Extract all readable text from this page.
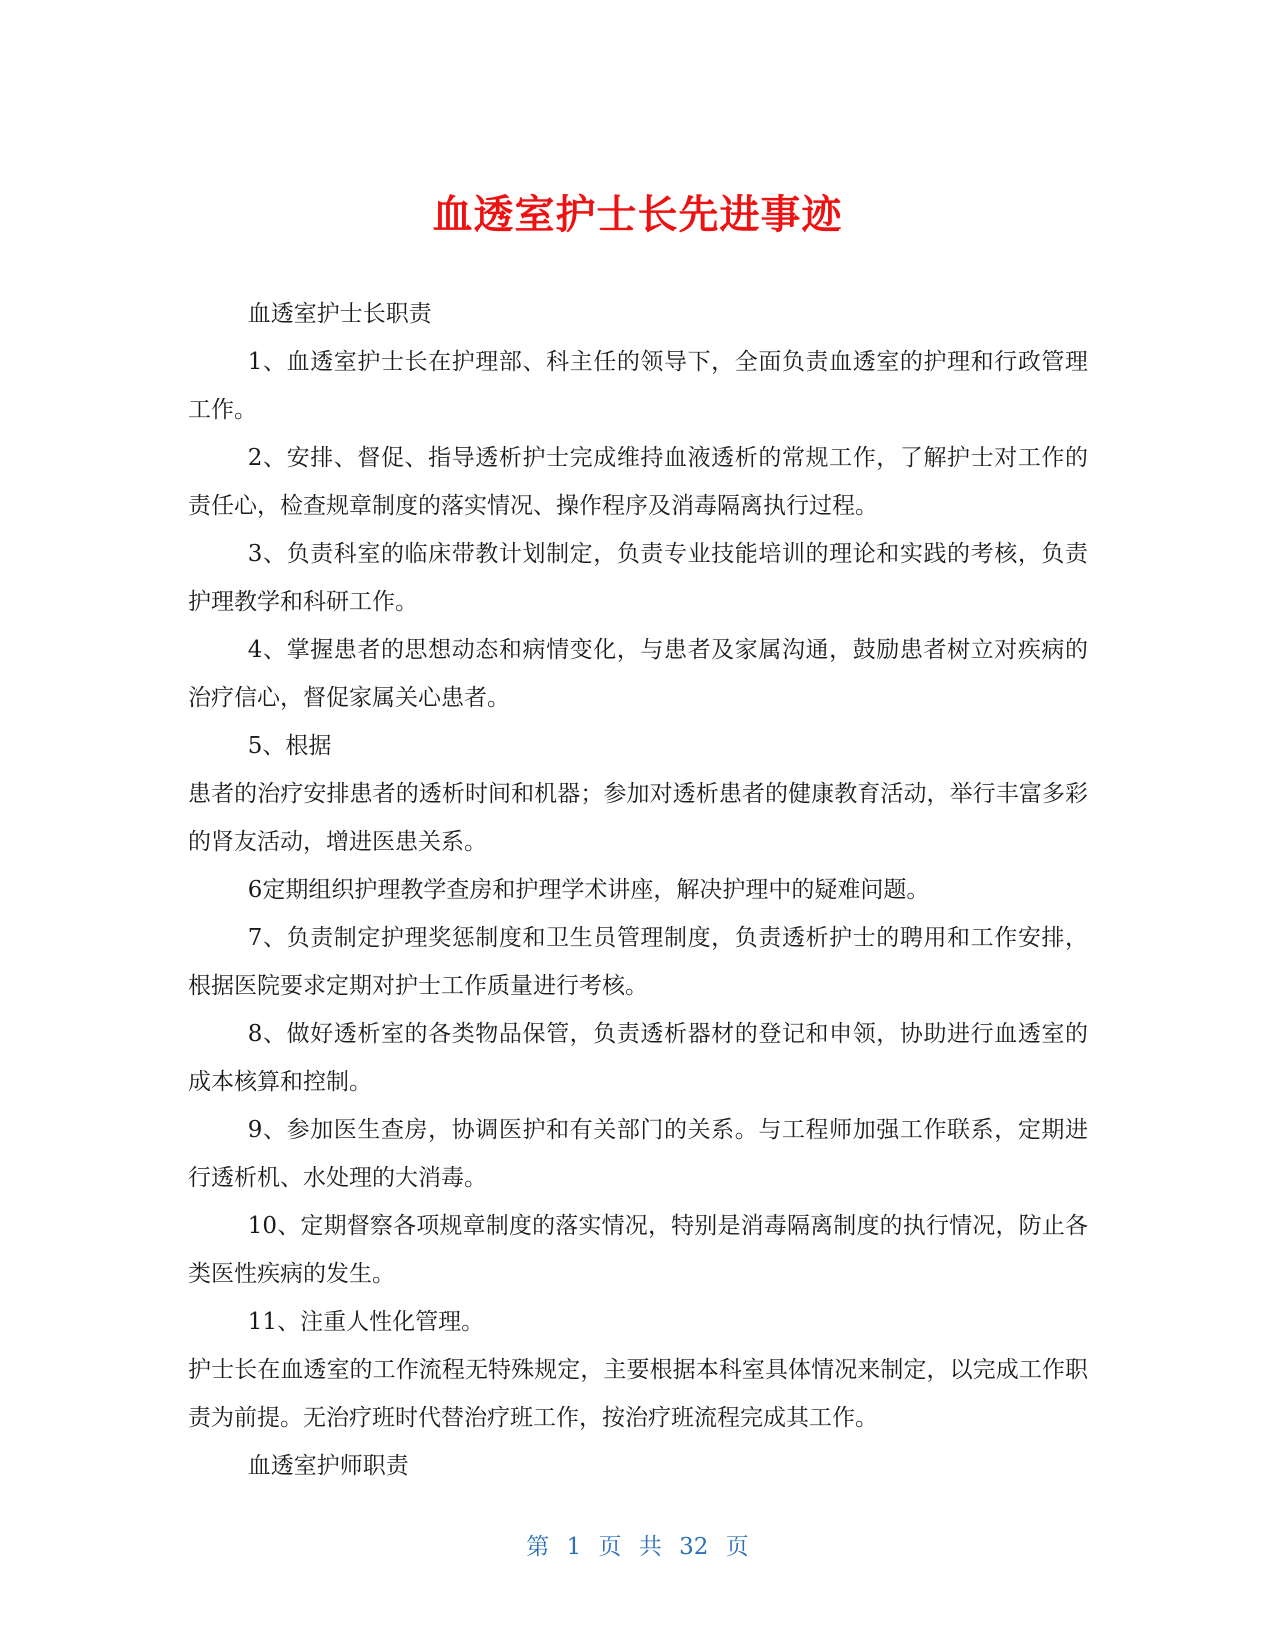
血透室护士长先进事迹

血透室护士长职责

1、血透室护士长在护理部、科主任的领导下，全面负责血透室的护理和行政管理工作。

2、安排、督促、指导透析护士完成维持血液透析的常规工作，了解护士对工作的责任心，检查规章制度的落实情况、操作程序及消毒隔离执行过程。

3、负责科室的临床带教计划制定，负责专业技能培训的理论和实践的考核，负责护理教学和科研工作。

4、掌握患者的思想动态和病情变化，与患者及家属沟通，鼓励患者树立对疾病的治疗信心，督促家属关心患者。

5、根据

患者的治疗安排患者的透析时间和机器；参加对透析患者的健康教育活动，举行丰富多彩的肾友活动，增进医患关系。

6定期组织护理教学查房和护理学术讲座，解决护理中的疑难问题。

7、负责制定护理奖惩制度和卫生员管理制度，负责透析护士的聘用和工作安排，根据医院要求定期对护士工作质量进行考核。

8、做好透析室的各类物品保管，负责透析器材的登记和申领，协助进行血透室的成本核算和控制。

9、参加医生查房，协调医护和有关部门的关系。与工程师加强工作联系，定期进行透析机、水处理的大消毒。

10、定期督察各项规章制度的落实情况，特别是消毒隔离制度的执行情况，防止各类医性疾病的发生。

11、注重人性化管理。

护士长在血透室的工作流程无特殊规定，主要根据本科室具体情况来制定，以完成工作职责为前提。无治疗班时代替治疗班工作，按治疗班流程完成其工作。

血透室护师职责

第 1 页 共 32 页
